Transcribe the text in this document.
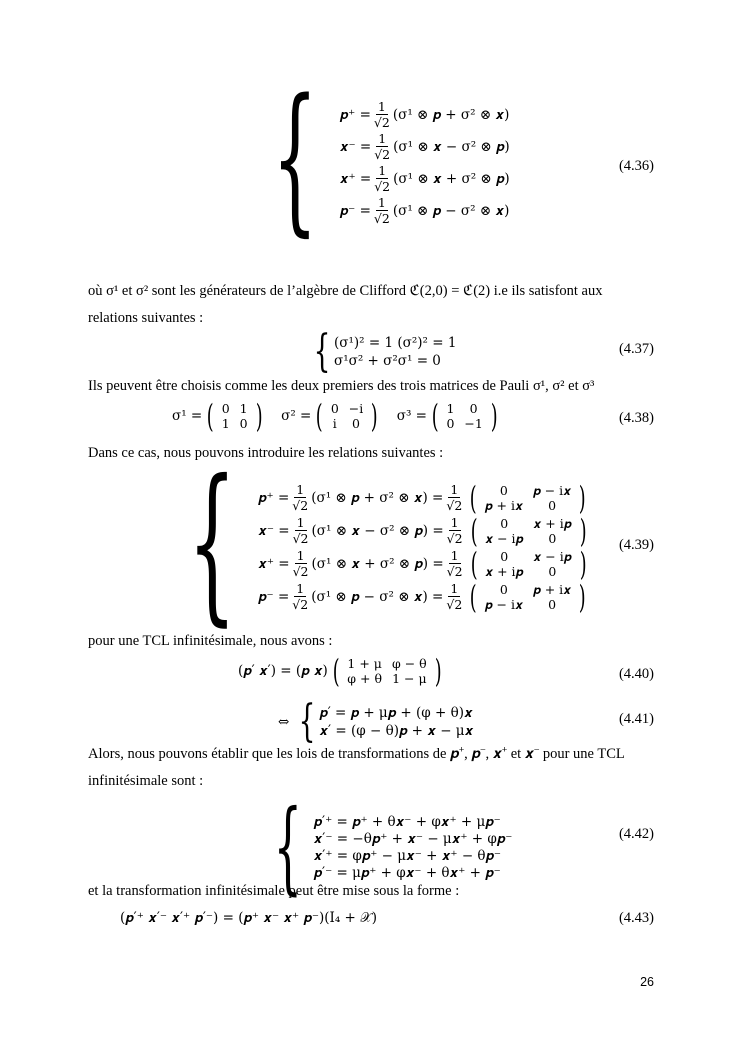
{ 𝒑⁺ = $\frac{1}{√2} (\sigma^1$ ⊗ 𝒑 + σ² ⊗ 𝒙)
𝒙⁻ = $\frac{1}{√2} (\sigma^1$ ⊗ 𝒙 − σ² ⊗ 𝒑)
𝒙⁺ = $\frac{1}{√2} (\sigma^1$ ⊗ 𝒙 + σ² ⊗ 𝒑)
𝒑⁻ = $\frac{1}{√2} (\sigma^1$ ⊗ 𝒑 − σ² ⊗ 𝒙)
(4.36)
où σ¹ et σ² sont les générateurs de l’algèbre de Clifford ℭ(2,0) = ℭ(2) i.e ils satisfont aux relations suivantes :
{ (σ¹)² = 1 (σ²)² = 1
σ¹σ² + σ²σ¹ = 0
(4.37)
Ils peuvent être choisis comme les deux premiers des trois matrices de Pauli σ¹, σ² et σ³
σ¹ = ( 0	1
1	0 ) σ² = ( 0	−i
i	0 ) σ³ = ( 1	0
0	−1 )	(4.38)
Dans ce cas, nous pouvons introduire les relations suivantes :
{ 𝒑⁺ = $\frac{1}{√2} (\sigma^1$ ⊗ 𝒑 + σ² ⊗ 𝒙) = $\frac{1}{√2}$ ( 0	𝒑 − i𝒙
𝒑 + i𝒙	0 )
𝒙⁻ = $\frac{1}{√2} (\sigma^1$ ⊗ 𝒙 − σ² ⊗ 𝒑) = $\frac{1}{√2}$ ( 0	𝒙 + i𝒑
𝒙 − i𝒑	0 )
𝒙⁺ = $\frac{1}{√2} (\sigma^1$ ⊗ 𝒙 + σ² ⊗ 𝒑) = $\frac{1}{√2}$ ( 0	𝒙 − i𝒑
𝒙 + i𝒑	0 )
𝒑⁻ = $\frac{1}{√2} (\sigma^1$ ⊗ 𝒑 − σ² ⊗ 𝒙) = $\frac{1}{√2}$ ( 0	𝒑 + i𝒙
𝒑 − i𝒙	0 )
(4.39)
pour une TCL infinitésimale, nous avons :
(𝒑′ 𝒙′) = (𝒑 𝒙) ( 1 + μ	φ − θ
φ + θ	1 − μ )	(4.40)
⇔ { 𝒑′ = 𝒑 + μ𝒑 + (φ + θ)𝒙
𝒙′ = (φ − θ)𝒑 + 𝒙 − μ𝒙
(4.41)
Alors, nous pouvons établir que les lois de transformations de 𝒑⁺, 𝒑⁻, 𝒙⁺ et 𝒙⁻ pour une TCL infinitésimale sont :
{ 𝒑′⁺ = 𝒑⁺ + θ𝒙⁻ + φ𝒙⁺ + μ𝒑⁻
𝒙′⁻ = −θ𝒑⁺ + 𝒙⁻ − μ𝒙⁺ + φ𝒑⁻
𝒙′⁺ = φ𝒑⁺ − μ𝒙⁻ + 𝒙⁺ − θ𝒑⁻
𝒑′⁻ = μ𝒑⁺ + φ𝒙⁻ + θ𝒙⁺ + 𝒑⁻
(4.42)
et la transformation infinitésimale peut être mise sous la forme :
(𝒑′⁺ 𝒙′⁻ 𝒙′⁺ 𝒑′⁻) = (𝒑⁺ 𝒙⁻ 𝒙⁺ 𝒑⁻)(I₄ + 𝒳)	(4.43)
26
